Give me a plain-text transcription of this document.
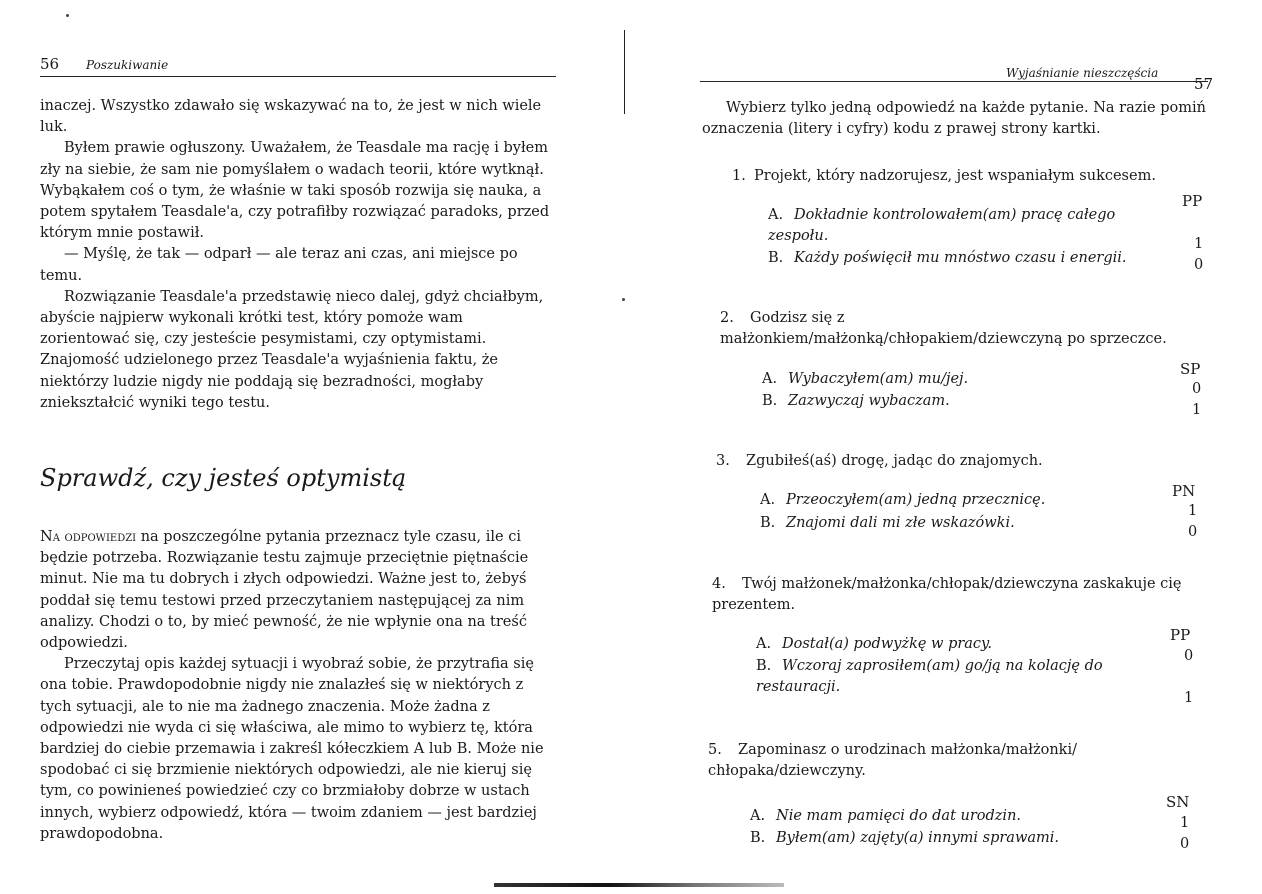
56 Poszukiwanie

inaczej. Wszystko zdawało się wskazywać na to, że jest w nich wiele luk.

Byłem prawie ogłuszony. Uważałem, że Teasdale ma rację i byłem zły na siebie, że sam nie pomyślałem o wadach teorii, które wytknął. Wybąkałem coś o tym, że właśnie w taki sposób rozwija się nauka, a potem spytałem Teasdale'a, czy potrafiłby rozwiązać paradoks, przed którym mnie postawił.

— Myślę, że tak — odparł — ale teraz ani czas, ani miejsce po temu.

Rozwiązanie Teasdale'a przedstawię nieco dalej, gdyż chciałbym, abyście najpierw wykonali krótki test, który pomoże wam zorientować się, czy jesteście pesymistami, czy optymistami. Znajomość udzielonego przez Teasdale'a wyjaśnienia faktu, że niektórzy ludzie nigdy nie poddają się bezradności, mogłaby zniekształcić wyniki tego testu.

Sprawdź, czy jesteś optymistą

Na odpowiedzi na poszczególne pytania przeznacz tyle czasu, ile ci będzie potrzeba. Rozwiązanie testu zajmuje przeciętnie piętnaście minut. Nie ma tu dobrych i złych odpowiedzi. Ważne jest to, żebyś poddał się temu testowi przed przeczytaniem następującej za nim analizy. Chodzi o to, by mieć pewność, że nie wpłynie ona na treść odpowiedzi.

Przeczytaj opis każdej sytuacji i wyobraź sobie, że przytrafia się ona tobie. Prawdopodobnie nigdy nie znalazłeś się w niektórych z tych sytuacji, ale to nie ma żadnego znaczenia. Może żadna z odpowiedzi nie wyda ci się właściwa, ale mimo to wybierz tę, która bardziej do ciebie przemawia i zakreśl kółeczkiem A lub B. Może nie spodobać ci się brzmienie niektórych odpowiedzi, ale nie kieruj się tym, co powinieneś powiedzieć czy co brzmiałoby dobrze w ustach innych, wybierz odpowiedź, która — twoim zdaniem — jest bardziej prawdopodobna.

Wyjaśnianie nieszczęścia
57

Wybierz tylko jedną odpowiedź na każde pytanie. Na razie pomiń oznaczenia (litery i cyfry) kodu z prawej strony kartki.

1. Projekt, który nadzorujesz, jest wspaniałym sukcesem.
PP
A. Dokładnie kontrolowałem(am) pracę całego zespołu.	1
B. Każdy poświęcił mu mnóstwo czasu i energii.	0
2. Godzisz się z małżonkiem/małżonką/chłopakiem/dziewczyną po sprzeczce.
SP
A. Wybaczyłem(am) mu/jej.
0
B. Zazwyczaj wybaczam.
1
3. Zgubiłeś(aś) drogę, jadąc do znajomych.
PN
A. Przeoczyłem(am) jedną przecznicę.
1
B. Znajomi dali mi złe wskazówki.
0
4. Twój małżonek/małżonka/chłopak/dziewczyna zaskakuje cię prezentem.
PP
A. Dostał(a) podwyżkę w pracy.
0
B. Wczoraj zaprosiłem(am) go/ją na kolację do restauracji.
1
5. Zapominasz o urodzinach małżonka/małżonki/ chłopaka/dziewczyny.
SN
A. Nie mam pamięci do dat urodzin.	1
B. Byłem(am) zajęty(a) innymi sprawami.	0
